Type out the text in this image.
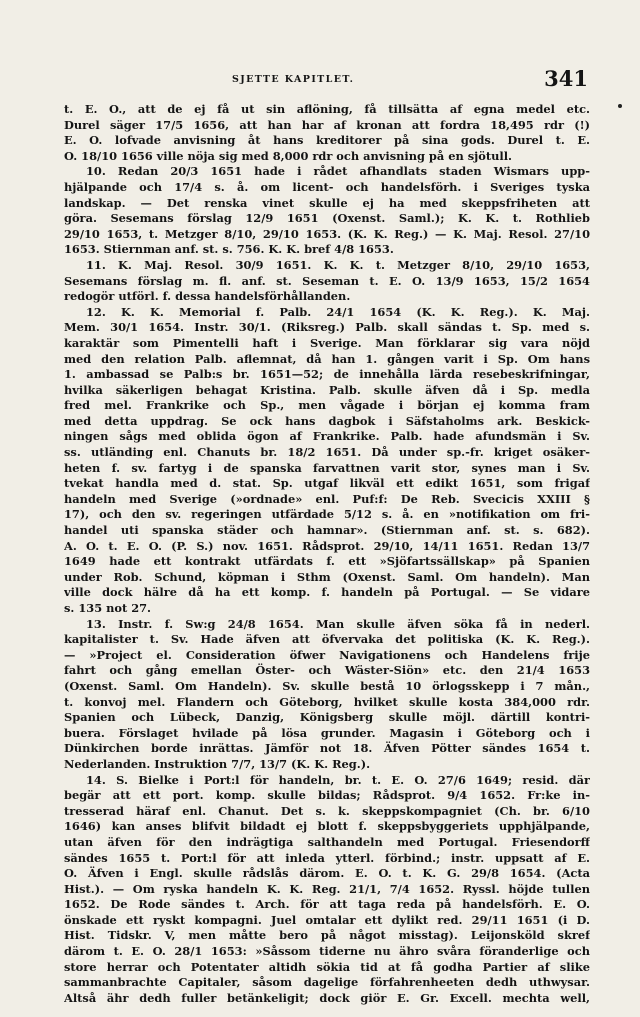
SJETTE KAPITLET.	341
t. E. O., att de ej få ut sin aflöning, få tillsätta af egna medel etc.
Durel säger 17/5 1656, att han har af kronan att fordra 18,495 rdr (!)
E. O. lofvade anvisning åt hans kreditorer på sina gods. Durel t. E.
O. 18/10 1656 ville nöja sig med 8,000 rdr och anvisning på en sjötull.
10. Redan 20/3 1651 hade i rådet afhandlats staden Wismars upp-
hjälpande och 17/4 s. å. om licent- och handelsförh. i Sveriges tyska
landskap. — Det renska vinet skulle ej ha med skeppsfriheten att
göra. Sesemans förslag 12/9 1651 (Oxenst. Saml.); K. K. t. Rothlieb
29/10 1653, t. Metzger 8/10, 29/10 1653. (K. K. Reg.) — K. Maj. Resol. 27/10
1653. Stiernman anf. st. s. 756. K. K. bref 4/8 1653.
11. K. Maj. Resol. 30/9 1651. K. K. t. Metzger 8/10, 29/10 1653,
Sesemans förslag m. fl. anf. st. Seseman t. E. O. 13/9 1653, 15/2 1654
redogör utförl. f. dessa handelsförhållanden.
12. K. K. Memorial f. Palb. 24/1 1654 (K. K. Reg.). K. Maj.
Mem. 30/1 1654. Instr. 30/1. (Riksreg.) Palb. skall sändas t. Sp. med s.
karaktär som Pimentelli haft i Sverige. Man förklarar sig vara nöjd
med den relation Palb. aflemnat, då han 1. gången varit i Sp. Om hans
1. ambassad se Palb:s br. 1651—52; de innehålla lärda resebeskrifningar,
hvilka säkerligen behagat Kristina. Palb. skulle äfven då i Sp. medla
fred mel. Frankrike och Sp., men vågade i början ej komma fram
med detta uppdrag. Se ock hans dagbok i Säfstaholms ark. Beskick-
ningen sågs med oblida ögon af Frankrike. Palb. hade afundsmän i Sv.
ss. utländing enl. Chanuts br. 18/2 1651. Då under sp.-fr. kriget osäker-
heten f. sv. fartyg i de spanska farvattnen varit stor, synes man i Sv.
tvekat handla med d. stat. Sp. utgaf likväl ett edikt 1651, som frigaf
handeln med Sverige (»ordnade» enl. Puf:f: De Reb. Svecicis XXIII §
17), och den sv. regeringen utfärdade 5/12 s. å. en »notifikation om fri-
handel uti spanska städer och hamnar». (Stiernman anf. st. s. 682).
A. O. t. E. O. (P. S.) nov. 1651. Rådsprot. 29/10, 14/11 1651. Redan 13/7
1649 hade ett kontrakt utfärdats f. ett »Sjöfartssällskap» på Spanien
under Rob. Schund, köpman i Sthm (Oxenst. Saml. Om handeln). Man
ville dock hälre då ha ett komp. f. handeln på Portugal. — Se vidare
s. 135 not 27.
13. Instr. f. Sw:g 24/8 1654. Man skulle äfven söka få in nederl.
kapitalister t. Sv. Hade äfven att öfvervaka det politiska (K. K. Reg.).
— »Project el. Consideration öfwer Navigationens och Handelens frije
fahrt och gång emellan Öster- och Wäster-Siön» etc. den 21/4 1653
(Oxenst. Saml. Om Handeln). Sv. skulle bestå 10 örlogsskepp i 7 mån.,
t. konvoj mel. Flandern och Göteborg, hvilket skulle kosta 384,000 rdr.
Spanien och Lübeck, Danzig, Königsberg skulle möjl. därtill kontri-
buera. Förslaget hvilade på lösa grunder. Magasin i Göteborg och i
Dünkirchen borde inrättas. Jämför not 18. Äfven Pötter sändes 1654 t.
Nederlanden. Instruktion 7/7, 13/7 (K. K. Reg.).
14. S. Bielke i Port:l för handeln, br. t. E. O. 27/6 1649; resid. där
begär att ett port. komp. skulle bildas; Rådsprot. 9/4 1652. Fr:ke in-
tresserad häraf enl. Chanut. Det s. k. skeppskompagniet (Ch. br. 6/10
1646) kan anses blifvit bildadt ej blott f. skeppsbyggeriets upphjälpande,
utan äfven för den indrägtiga salthandeln med Portugal. Friesendorff
sändes 1655 t. Port:l för att inleda ytterl. förbind.; instr. uppsatt af E.
O. Äfven i Engl. skulle rådslås därom. E. O. t. K. G. 29/8 1654. (Acta
Hist.). — Om ryska handeln K. K. Reg. 21/1, 7/4 1652. Ryssl. höjde tullen
1652. De Rode sändes t. Arch. för att taga reda på handelsförh. E. O.
önskade ett ryskt kompagni. Juel omtalar ett dylikt red. 29/11 1651 (i D.
Hist. Tidskr. V, men måtte bero på något misstag). Leijonsköld skref
därom t. E. O. 28/1 1653: »Såssom tiderne nu ähro svåra föranderlige och
store herrar och Potentater altidh sökia tid at få godha Partier af slike
sammanbrachte Capitaler, såsom dagelige förfahrenheeten dedh uthwysar.
Altså ähr dedh fuller betänkeligit; dock giör E. Gr. Excell. mechta well,
